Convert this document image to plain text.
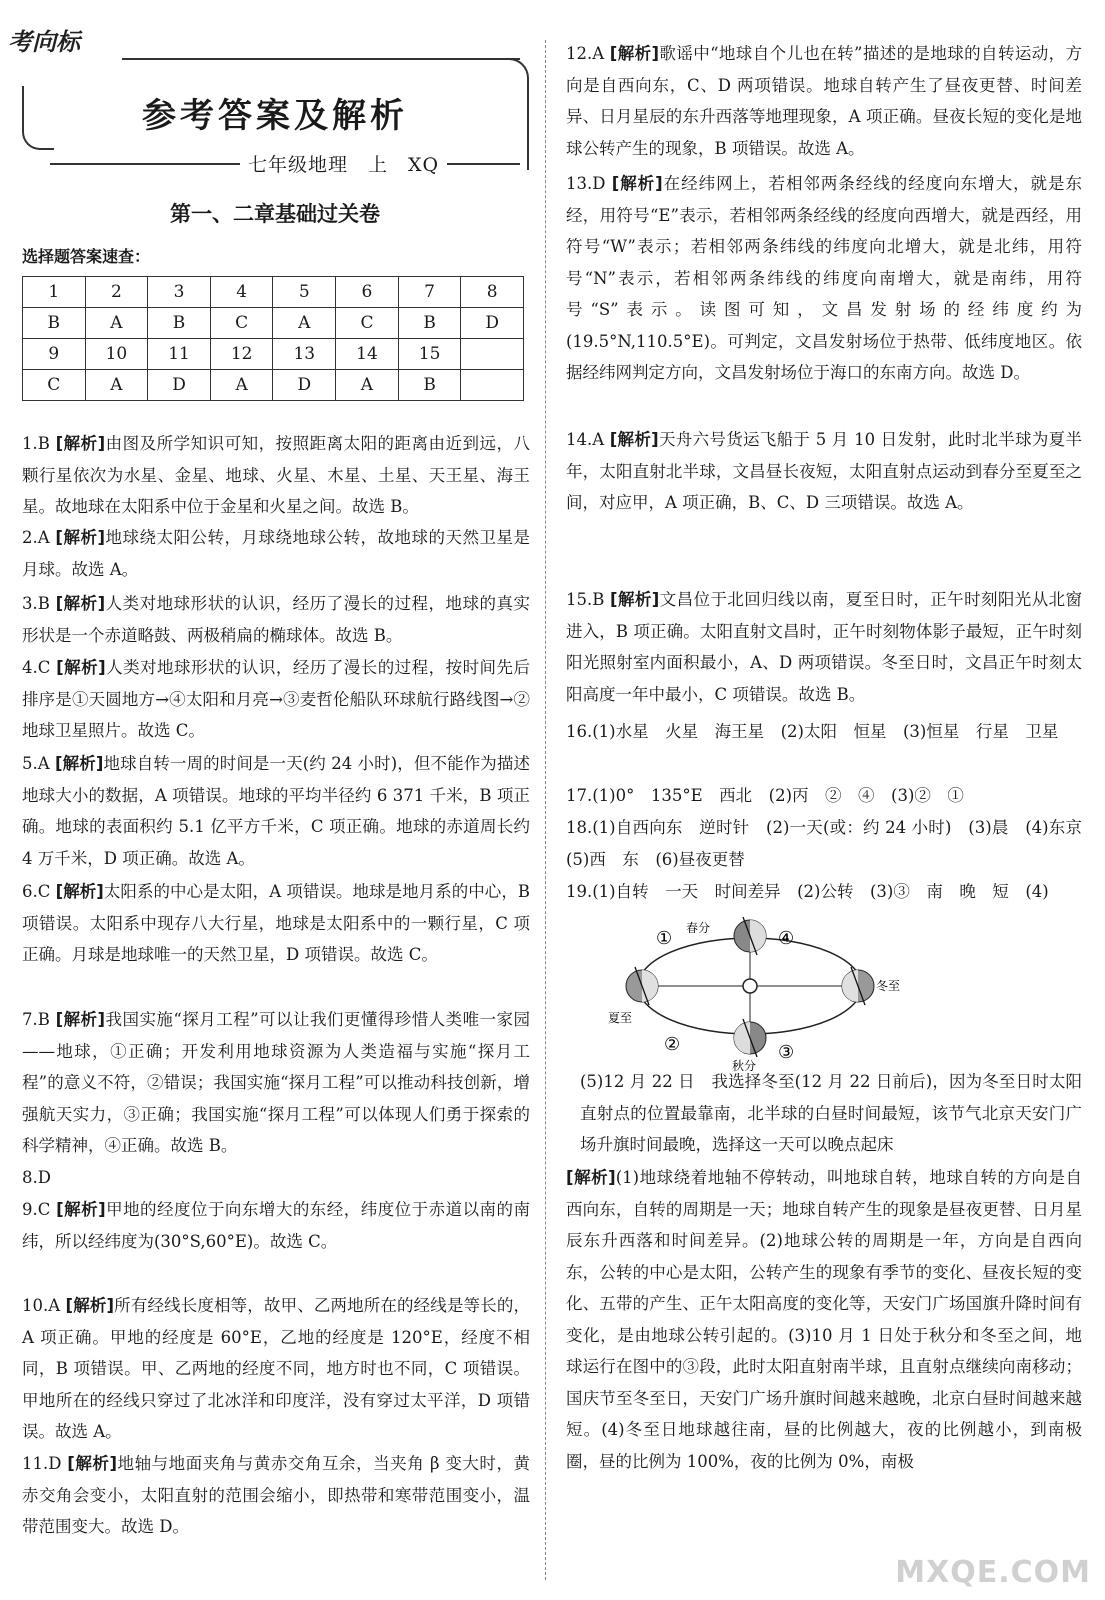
考向标
参考答案及解析
七年级地理　上　XQ
第一、二章基础过关卷
选择题答案速查：
1	2	3	4	5	6	7	8
B	A	B	C	A	C	B	D
9	10	11	12	13	14	15	
C	A	D	A	D	A	B	
1.B [解析]由图及所学知识可知，按照距离太阳的距离由近到远，八颗行星依次为水星、金星、地球、火星、木星、土星、天王星、海王星。故地球在太阳系中位于金星和火星之间。故选 B。
2.A [解析]地球绕太阳公转，月球绕地球公转，故地球的天然卫星是月球。故选 A。
3.B [解析]人类对地球形状的认识，经历了漫长的过程，地球的真实形状是一个赤道略鼓、两极稍扁的椭球体。故选 B。
4.C [解析]人类对地球形状的认识，经历了漫长的过程，按时间先后排序是①天圆地方→④太阳和月亮→③麦哲伦船队环球航行路线图→②地球卫星照片。故选 C。
5.A [解析]地球自转一周的时间是一天(约 24 小时)，但不能作为描述地球大小的数据，A 项错误。地球的平均半径约 6 371 千米，B 项正确。地球的表面积约 5.1 亿平方千米，C 项正确。地球的赤道周长约 4 万千米，D 项正确。故选 A。
6.C [解析]太阳系的中心是太阳，A 项错误。地球是地月系的中心，B 项错误。太阳系中现存八大行星，地球是太阳系中的一颗行星，C 项正确。月球是地球唯一的天然卫星，D 项错误。故选 C。
7.B [解析]我国实施“探月工程”可以让我们更懂得珍惜人类唯一家园——地球，①正确；开发利用地球资源为人类造福与实施“探月工程”的意义不符，②错误；我国实施“探月工程”可以推动科技创新，增强航天实力，③正确；我国实施“探月工程”可以体现人们勇于探索的科学精神，④正确。故选 B。
8.D
9.C [解析]甲地的经度位于向东增大的东经，纬度位于赤道以南的南纬，所以经纬度为(30°S,60°E)。故选 C。
10.A [解析]所有经线长度相等，故甲、乙两地所在的经线是等长的，A 项正确。甲地的经度是 60°E，乙地的经度是 120°E，经度不相同，B 项错误。甲、乙两地的经度不同，地方时也不同，C 项错误。甲地所在的经线只穿过了北冰洋和印度洋，没有穿过太平洋，D 项错误。故选 A。
11.D [解析]地轴与地面夹角与黄赤交角互余，当夹角 β 变大时，黄赤交角会变小，太阳直射的范围会缩小，即热带和寒带范围变小，温带范围变大。故选 D。
12.A [解析]歌谣中“地球自个儿也在转”描述的是地球的自转运动，方向是自西向东，C、D 两项错误。地球自转产生了昼夜更替、时间差异、日月星辰的东升西落等地理现象，A 项正确。昼夜长短的变化是地球公转产生的现象，B 项错误。故选 A。
13.D [解析]在经纬网上，若相邻两条经线的经度向东增大，就是东经，用符号“E”表示，若相邻两条经线的经度向西增大，就是西经，用符号“W”表示；若相邻两条纬线的纬度向北增大，就是北纬，用符号“N”表示，若相邻两条纬线的纬度向南增大，就是南纬，用符号“S”表示。读图可知，文昌发射场的经纬度约为(19.5°N,110.5°E)。可判定，文昌发射场位于热带、低纬度地区。依据经纬网判定方向，文昌发射场位于海口的东南方向。故选 D。
14.A [解析]天舟六号货运飞船于 5 月 10 日发射，此时北半球为夏半年，太阳直射北半球，文昌昼长夜短，太阳直射点运动到春分至夏至之间，对应甲，A 项正确，B、C、D 三项错误。故选 A。
15.B [解析]文昌位于北回归线以南，夏至日时，正午时刻阳光从北窗进入，B 项正确。太阳直射文昌时，正午时刻物体影子最短，正午时刻阳光照射室内面积最小，A、D 两项错误。冬至日时，文昌正午时刻太阳高度一年中最小，C 项错误。故选 B。
16.(1)水星　火星　海王星　(2)太阳　恒星　(3)恒星　行星　卫星
17.(1)0°　135°E　西北　(2)丙　②　④　(3)②　①
18.(1)自西向东　逆时针　(2)一天(或：约 24 小时)　(3)晨　(4)东京　(5)西　东　(6)昼夜更替
19.(1)自转　一天　时间差异　(2)公转　(3)③　南　晚　短　(4)
春分
夏至
秋分
冬至
①
②	③
④
(5)12 月 22 日　我选择冬至(12 月 22 日前后)，因为冬至日时太阳直射点的位置最靠南，北半球的白昼时间最短，该节气北京天安门广场升旗时间最晚，选择这一天可以晚点起床
[解析](1)地球绕着地轴不停转动，叫地球自转，地球自转的方向是自西向东，自转的周期是一天；地球自转产生的现象是昼夜更替、日月星辰东升西落和时间差异。(2)地球公转的周期是一年，方向是自西向东，公转的中心是太阳，公转产生的现象有季节的变化、昼夜长短的变化、五带的产生、正午太阳高度的变化等，天安门广场国旗升降时间有变化，是由地球公转引起的。(3)10 月 1 日处于秋分和冬至之间，地球运行在图中的③段，此时太阳直射南半球，且直射点继续向南移动；国庆节至冬至日，天安门广场升旗时间越来越晚，北京白昼时间越来越短。(4)冬至日地球越往南，昼的比例越大，夜的比例越小，到南极圈，昼的比例为 100%，夜的比例为 0%，南极
MXQE.COM
